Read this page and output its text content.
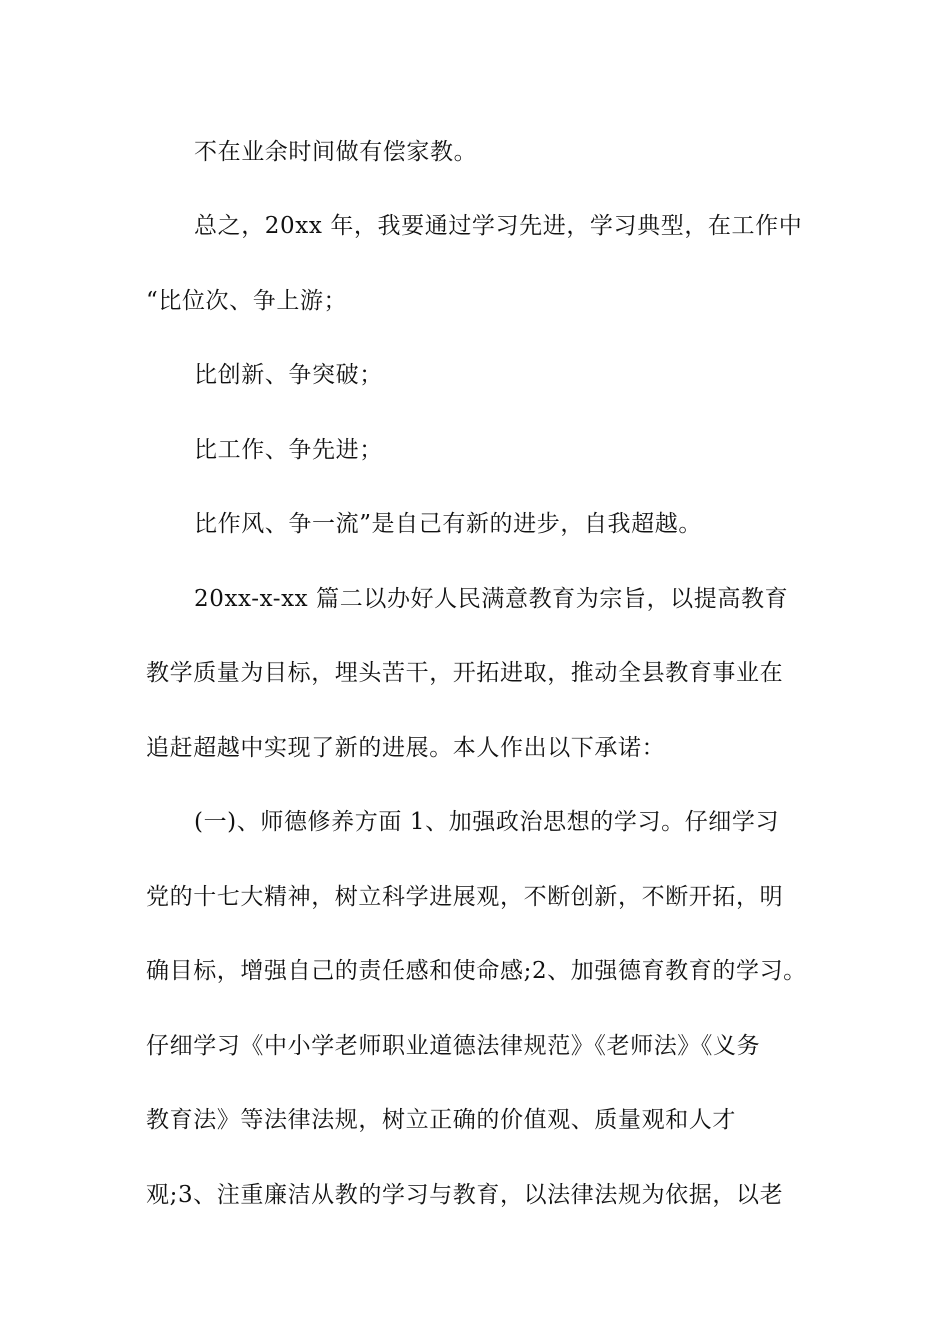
不在业余时间做有偿家教。
总之，20xx 年，我要通过学习先进，学习典型，在工作中
“比位次、争上游；
比创新、争突破；
比工作、争先进；
比作风、争一流”是自己有新的进步，自我超越。
20xx-x-xx 篇二以办好人民满意教育为宗旨，以提高教育
教学质量为目标，埋头苦干，开拓进取，推动全县教育事业在
追赶超越中实现了新的进展。本人作出以下承诺：
(一)、师德修养方面 1、加强政治思想的学习。仔细学习
党的十七大精神，树立科学进展观，不断创新，不断开拓，明
确目标，增强自己的责任感和使命感;2、加强德育教育的学习。
仔细学习《中小学老师职业道德法律规范》《老师法》《义务
教育法》等法律法规，树立正确的价值观、质量观和人才
观;3、注重廉洁从教的学习与教育，以法律法规为依据，以老
